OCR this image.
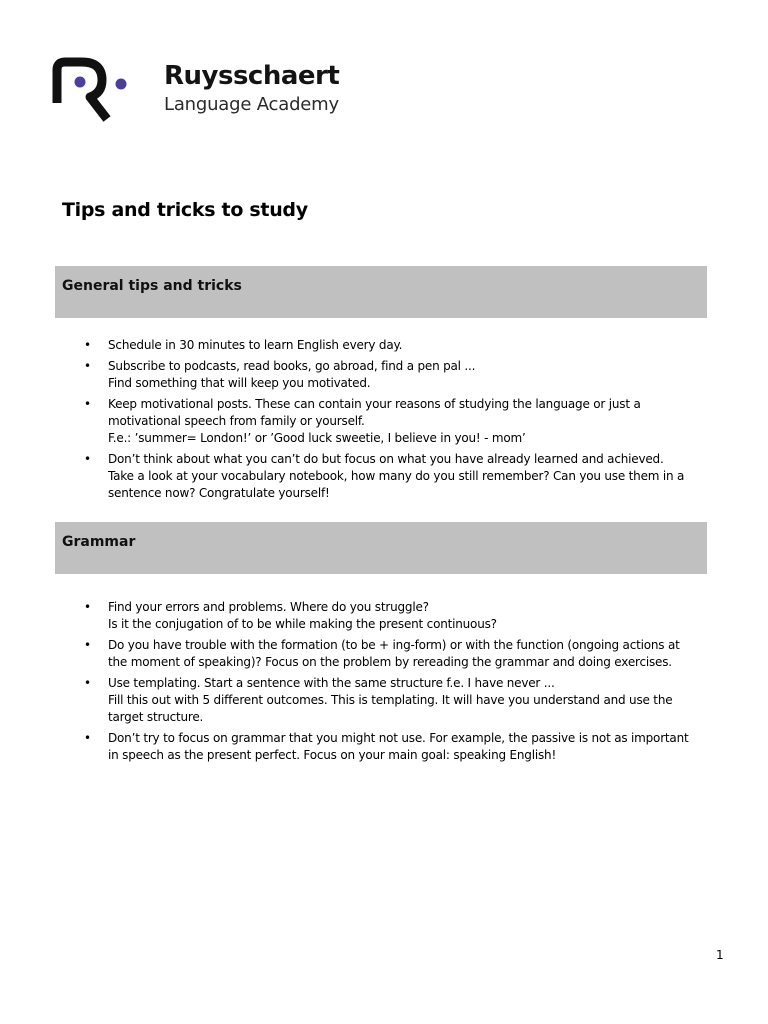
Ruysschaert
Language Academy
Tips and tricks to study
General tips and tricks
• Schedule in 30 minutes to learn English every day.
• Subscribe to podcasts, read books, go abroad, find a pen pal ...
Find something that will keep you motivated.
• Keep motivational posts. These can contain your reasons of studying the language or just a motivational speech from family or yourself.
F.e.: ’summer= London!’ or ’Good luck sweetie, I believe in you! - mom’
• Don’t think about what you can’t do but focus on what you have already learned and achieved.
Take a look at your vocabulary notebook, how many do you still remember? Can you use them in a sentence now? Congratulate yourself!
Grammar
• Find your errors and problems. Where do you struggle?
Is it the conjugation of to be while making the present continuous?
• Do you have trouble with the formation (to be + ing-form) or with the function (ongoing actions at the moment of speaking)? Focus on the problem by rereading the grammar and doing exercises.
• Use templating. Start a sentence with the same structure f.e. I have never ...
Fill this out with 5 different outcomes. This is templating. It will have you understand and use the target structure.
• Don’t try to focus on grammar that you might not use. For example, the passive is not as important in speech as the present perfect. Focus on your main goal: speaking English!
1
